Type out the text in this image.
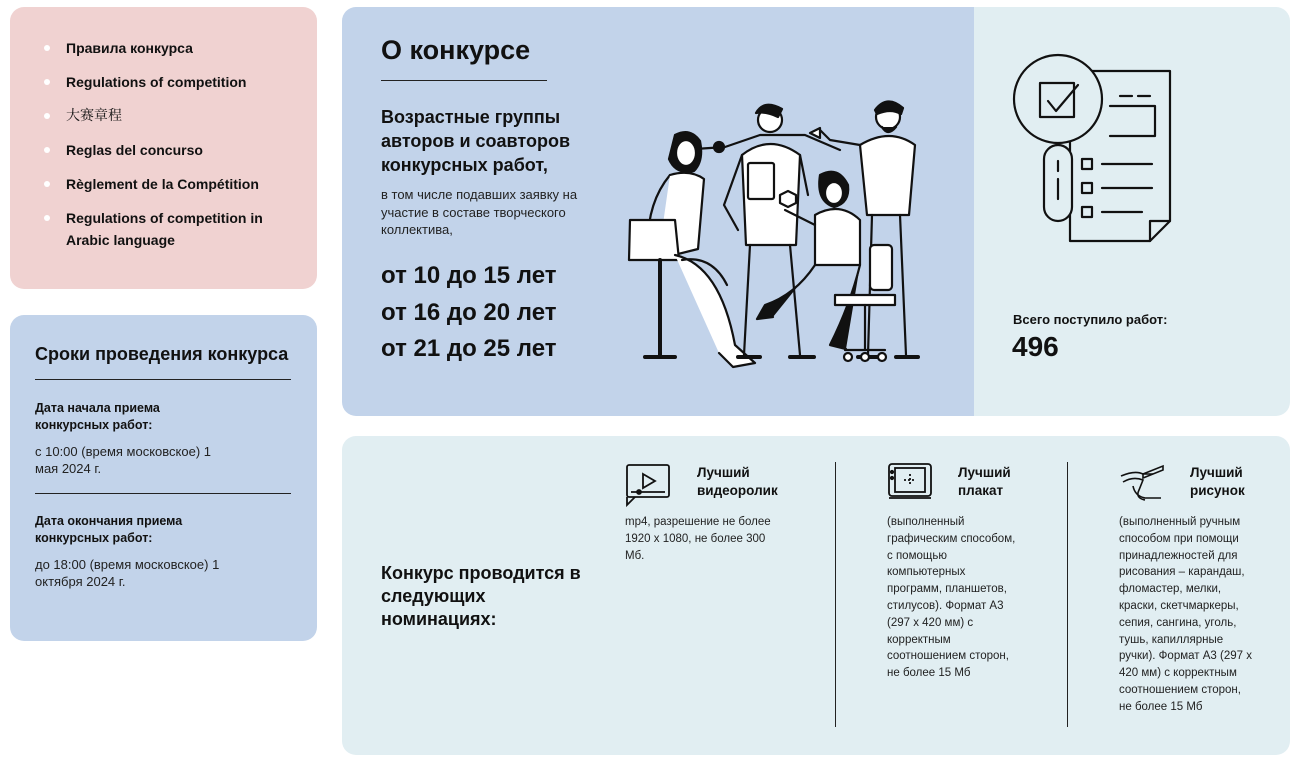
Правила конкурса
Regulations of competition
大赛章程
Reglas del concurso
Règlement de la Compétition
Regulations of competition in Arabic language
Сроки проведения конкурса
Дата начала приема конкурсных работ:
с 10:00 (время московское) 1 мая 2024 г.
Дата окончания приема конкурсных работ:
до 18:00 (время московское) 1 октября 2024 г.
О конкурсе
Возрастные группы авторов и соавторов конкурсных работ,
в том числе подавших заявку на участие в составе творческого коллектива,
от 10 до 15 лет
от 16 до 20 лет
от 21 до 25 лет
Всего поступило работ:
496
Конкурс проводится в следующих номинациях:
Лучший видеоролик
mp4, разрешение не более 1920 x 1080, не более 300 Мб.
Лучший плакат
(выполненный графическим способом, с помощью компьютерных программ, планшетов, стилусов). Формат А3 (297 х 420 мм) с корректным соотношением сторон, не более 15 Мб
Лучший рисунок
(выполненный ручным способом при помощи принадлежностей для рисования – карандаш, фломастер, мелки, краски, скетчмаркеры, сепия, сангина, уголь, тушь, капиллярные ручки). Формат А3 (297 х 420 мм) с корректным соотношением сторон, не более 15 Мб
